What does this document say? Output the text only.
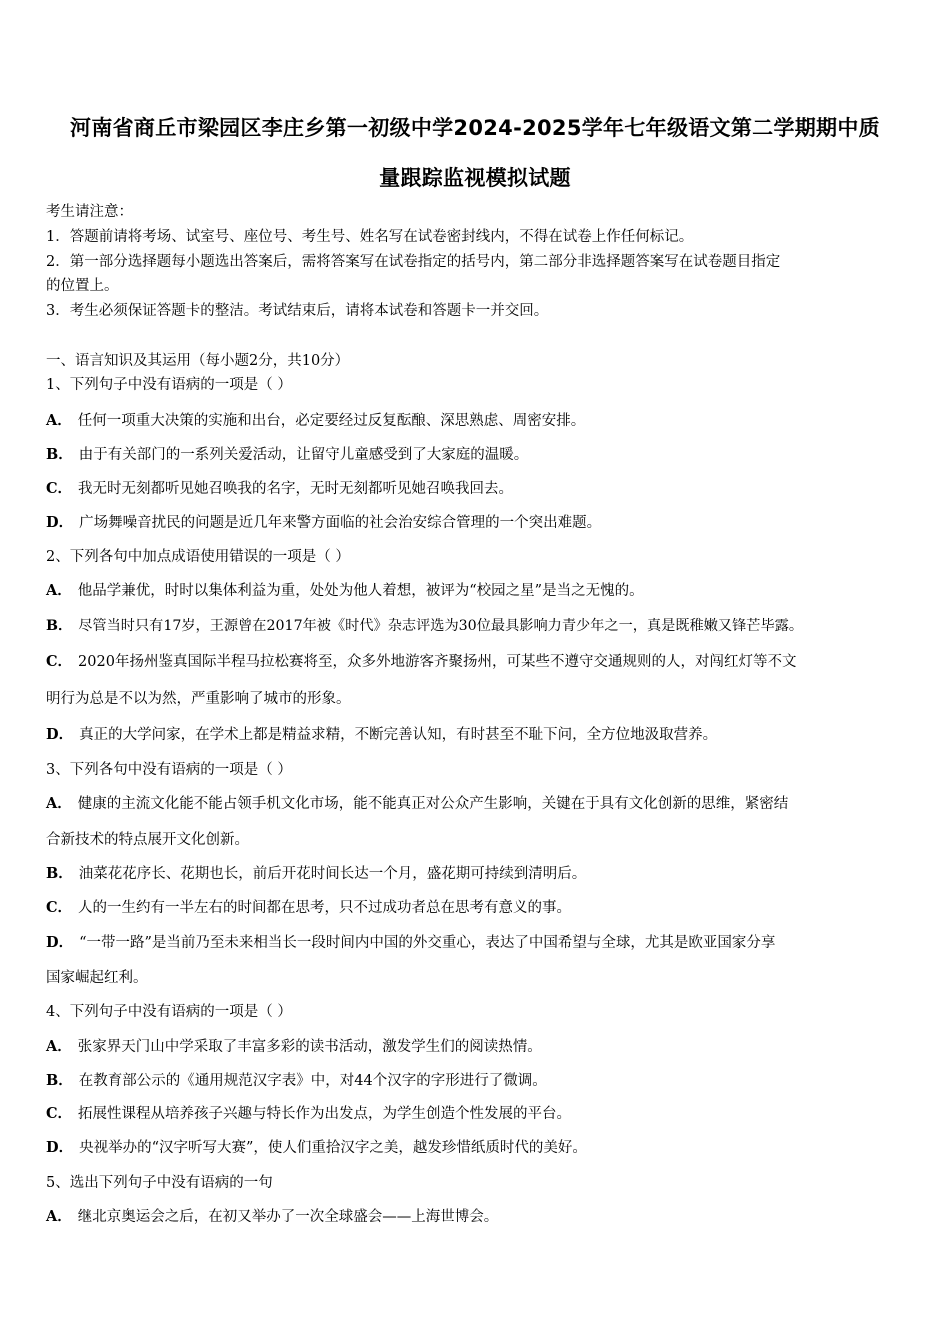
河南省商丘市梁园区李庄乡第一初级中学2024-2025学年七年级语文第二学期期中质
量跟踪监视模拟试题
考生请注意：
1．答题前请将考场、试室号、座位号、考生号、姓名写在试卷密封线内，不得在试卷上作任何标记。
2．第一部分选择题每小题选出答案后，需将答案写在试卷指定的括号内，第二部分非选择题答案写在试卷题目指定
的位置上。
3．考生必须保证答题卡的整洁。考试结束后，请将本试卷和答题卡一并交回。
一、语言知识及其运用（每小题2分，共10分）
1、下列句子中没有语病的一项是（ ）
A． 任何一项重大决策的实施和出台，必定要经过反复酝酿、深思熟虑、周密安排。
B． 由于有关部门的一系列关爱活动，让留守儿童感受到了大家庭的温暖。
C． 我无时无刻都听见她召唤我的名字，无时无刻都听见她召唤我回去。
D． 广场舞噪音扰民的问题是近几年来警方面临的社会治安综合管理的一个突出难题。
2、下列各句中加点成语使用错误的一项是（ ）
A． 他品学兼优，时时以集体利益为重，处处为他人着想，被评为“校园之星”是当之无愧的。
B． 尽管当时只有17岁，王源曾在2017年被《时代》杂志评选为30位最具影响力青少年之一，真是既稚嫩又锋芒毕露。
C． 2020年扬州鉴真国际半程马拉松赛将至，众多外地游客齐聚扬州，可某些不遵守交通规则的人，对闯红灯等不文
明行为总是不以为然，严重影响了城市的形象。
D． 真正的大学问家，在学术上都是精益求精，不断完善认知，有时甚至不耻下问，全方位地汲取营养。
3、下列各句中没有语病的一项是（ ）
A． 健康的主流文化能不能占领手机文化市场，能不能真正对公众产生影响，关键在于具有文化创新的思维，紧密结
合新技术的特点展开文化创新。
B． 油菜花花序长、花期也长，前后开花时间长达一个月，盛花期可持续到清明后。
C． 人的一生约有一半左右的时间都在思考，只不过成功者总在思考有意义的事。
D． “一带一路”是当前乃至未来相当长一段时间内中国的外交重心，表达了中国希望与全球，尤其是欧亚国家分享
国家崛起红利。
4、下列句子中没有语病的一项是（ ）
A． 张家界天门山中学采取了丰富多彩的读书活动，激发学生们的阅读热情。
B． 在教育部公示的《通用规范汉字表》中，对44个汉字的字形进行了微调。
C． 拓展性课程从培养孩子兴趣与特长作为出发点，为学生创造个性发展的平台。
D． 央视举办的“汉字听写大赛”，使人们重拾汉字之美，越发珍惜纸质时代的美好。
5、选出下列句子中没有语病的一句
A． 继北京奥运会之后，在初又举办了一次全球盛会——上海世博会。
